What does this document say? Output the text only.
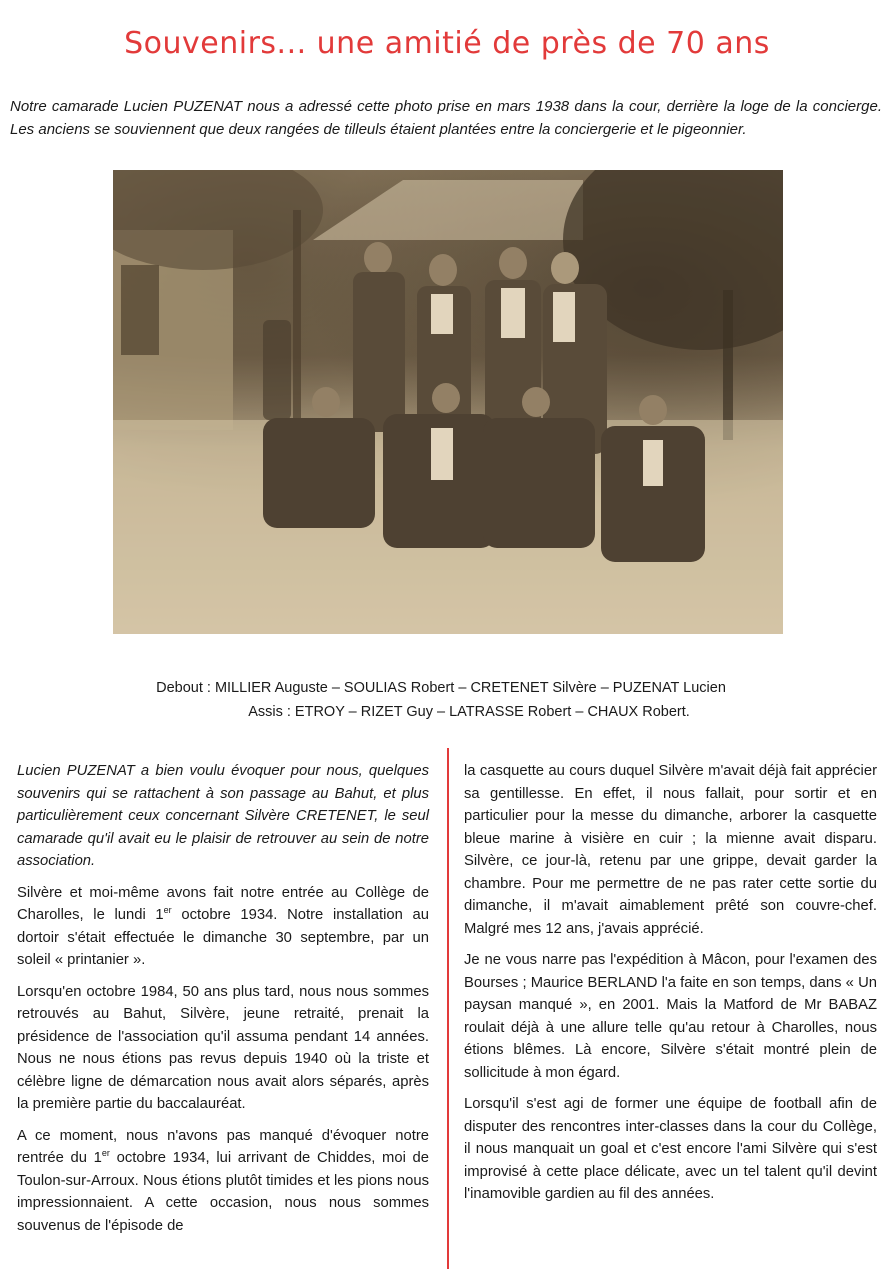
Souvenirs... une amitié de près de 70 ans

Notre camarade Lucien PUZENAT nous a adressé cette photo prise en mars 1938 dans la cour, derrière la loge de la concierge. Les anciens se souviennent que deux rangées de tilleuls étaient plantées entre la conciergerie et le pigeonnier.

Debout : MILLIER Auguste – SOULIAS Robert – CRETENET Silvère – PUZENAT Lucien
Assis : ETROY – RIZET Guy – LATRASSE Robert – CHAUX Robert.

Lucien PUZENAT a bien voulu évoquer pour nous, quelques souvenirs qui se rattachent à son passage au Bahut, et plus particulièrement ceux concernant Silvère CRETENET, le seul camarade qu'il avait eu le plaisir de retrouver au sein de notre association.

Silvère et moi-même avons fait notre entrée au Collège de Charolles, le lundi 1er octobre 1934. Notre installation au dortoir s'était effectuée le dimanche 30 septembre, par un soleil « printanier ».

Lorsqu'en octobre 1984, 50 ans plus tard, nous nous sommes retrouvés au Bahut, Silvère, jeune retraité, prenait la présidence de l'association qu'il assuma pendant 14 années. Nous ne nous étions pas revus depuis 1940 où la triste et célèbre ligne de démarcation nous avait alors séparés, après la première partie du baccalauréat.

A ce moment, nous n'avons pas manqué d'évoquer notre rentrée du 1er octobre 1934, lui arrivant de Chiddes, moi de Toulon-sur-Arroux. Nous étions plutôt timides et les pions nous impressionnaient. A cette occasion, nous nous sommes souvenus de l'épisode de

la casquette au cours duquel Silvère m'avait déjà fait apprécier sa gentillesse. En effet, il nous fallait, pour sortir et en particulier pour la messe du dimanche, arborer la casquette bleue marine à visière en cuir ; la mienne avait disparu. Silvère, ce jour-là, retenu par une grippe, devait garder la chambre. Pour me permettre de ne pas rater cette sortie du dimanche, il m'avait aimablement prêté son couvre-chef. Malgré mes 12 ans, j'avais apprécié.

Je ne vous narre pas l'expédition à Mâcon, pour l'examen des Bourses ; Maurice BERLAND l'a faite en son temps, dans « Un paysan manqué », en 2001. Mais la Matford de Mr BABAZ roulait déjà à une allure telle qu'au retour à Charolles, nous étions blêmes. Là encore, Silvère s'était montré plein de sollicitude à mon égard.

Lorsqu'il s'est agi de former une équipe de football afin de disputer des rencontres inter-classes dans la cour du Collège, il nous manquait un goal et c'est encore l'ami Silvère qui s'est improvisé à cette place délicate, avec un tel talent qu'il devint l'inamovible gardien au fil des années.
